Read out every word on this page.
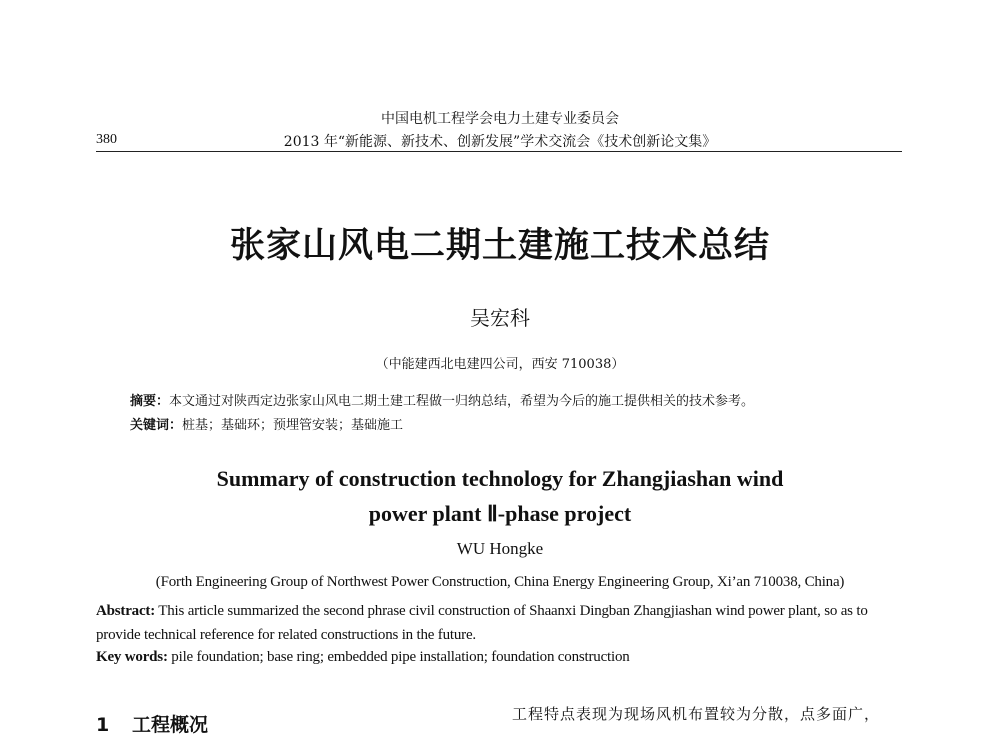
中国电机工程学会电力土建专业委员会
380	2013 年“新能源、新技术、创新发展”学术交流会《技术创新论文集》
张家山风电二期土建施工技术总结
吴宏科
（中能建西北电建四公司，西安 710038）
摘要：本文通过对陕西定边张家山风电二期土建工程做一归纳总结，希望为今后的施工提供相关的技术参考。
关键词：桩基；基础环；预埋管安装；基础施工
Summary of construction technology for Zhangjiashan wind
power plant Ⅱ-phase project
WU Hongke
(Forth Engineering Group of Northwest Power Construction, China Energy Engineering Group, Xi’an 710038, China)
Abstract: This article summarized the second phrase civil construction of Shaanxi Dingban Zhangjiashan wind power plant, so as to provide technical reference for related constructions in the future.
Key words: pile foundation; base ring; embedded pipe installation; foundation construction
1 工程概况	工程特点表现为现场风机布置较为分散，点多面广，
